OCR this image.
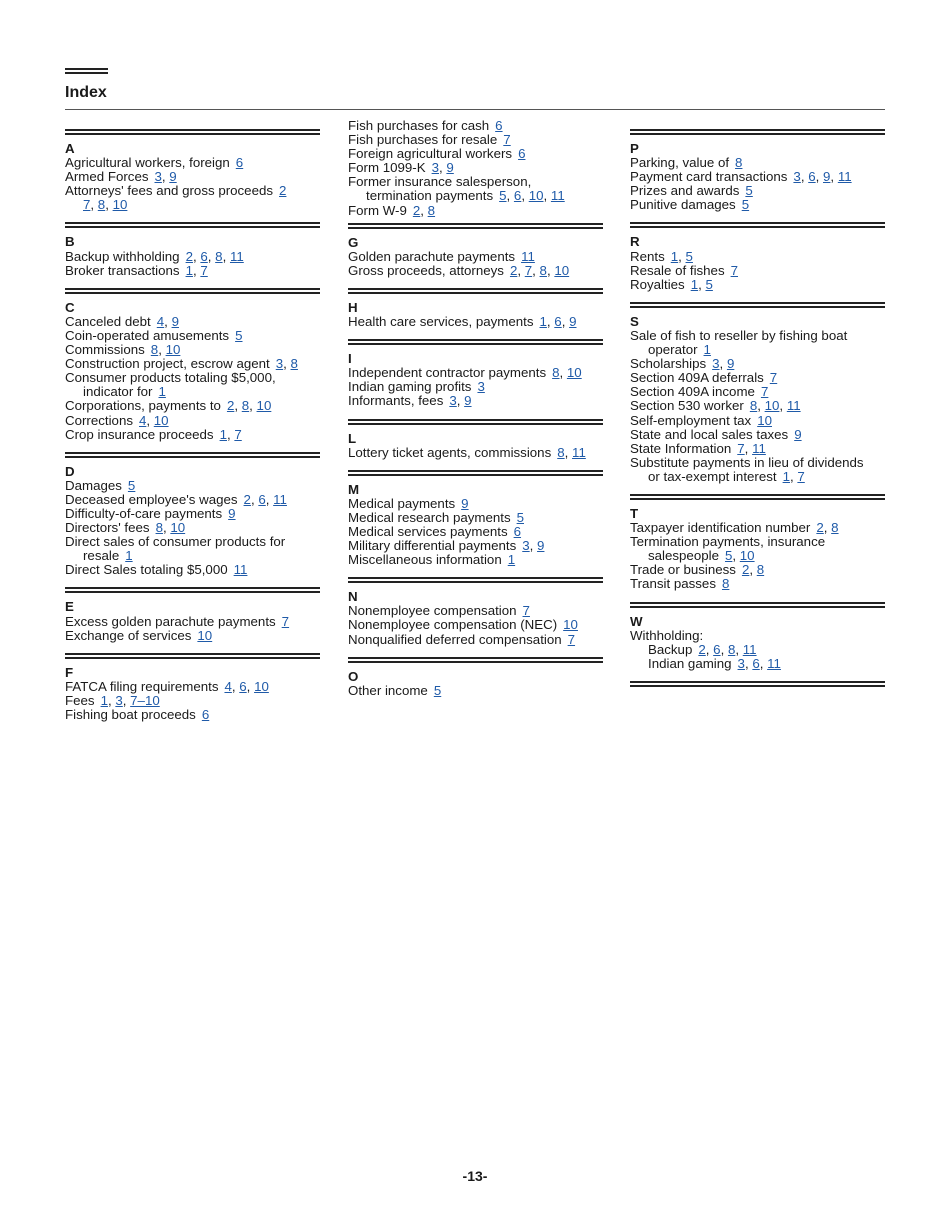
Index
A
Agricultural workers, foreign 6
Armed Forces 3, 9
Attorneys' fees and gross proceeds 2
7, 8, 10
B
Backup withholding 2, 6, 8, 11
Broker transactions 1, 7
C
Canceled debt 4, 9
Coin-operated amusements 5
Commissions 8, 10
Construction project, escrow agent 3, 8
Consumer products totaling $5,000,
indicator for 1
Corporations, payments to 2, 8, 10
Corrections 4, 10
Crop insurance proceeds 1, 7
D
Damages 5
Deceased employee's wages 2, 6, 11
Difficulty-of-care payments 9
Directors' fees 8, 10
Direct sales of consumer products for
resale 1
Direct Sales totaling $5,000 11
E
Excess golden parachute payments 7
Exchange of services 10
F
FATCA filing requirements 4, 6, 10
Fees 1, 3, 7–10
Fishing boat proceeds 6
Fish purchases for cash 6
Fish purchases for resale 7
Foreign agricultural workers 6
Form 1099-K 3, 9
Former insurance salesperson,
termination payments 5, 6, 10, 11
Form W-9 2, 8
G
Golden parachute payments 11
Gross proceeds, attorneys 2, 7, 8, 10
H
Health care services, payments 1, 6, 9
I
Independent contractor payments 8, 10
Indian gaming profits 3
Informants, fees 3, 9
L
Lottery ticket agents, commissions 8, 11
M
Medical payments 9
Medical research payments 5
Medical services payments 6
Military differential payments 3, 9
Miscellaneous information 1
N
Nonemployee compensation 7
Nonemployee compensation (NEC) 10
Nonqualified deferred compensation 7
O
Other income 5
P
Parking, value of 8
Payment card transactions 3, 6, 9, 11
Prizes and awards 5
Punitive damages 5
R
Rents 1, 5
Resale of fishes 7
Royalties 1, 5
S
Sale of fish to reseller by fishing boat
operator 1
Scholarships 3, 9
Section 409A deferrals 7
Section 409A income 7
Section 530 worker 8, 10, 11
Self-employment tax 10
State and local sales taxes 9
State Information 7, 11
Substitute payments in lieu of dividends
or tax-exempt interest 1, 7
T
Taxpayer identification number 2, 8
Termination payments, insurance
salespeople 5, 10
Trade or business 2, 8
Transit passes 8
W
Withholding:
Backup 2, 6, 8, 11
Indian gaming 3, 6, 11
-13-
